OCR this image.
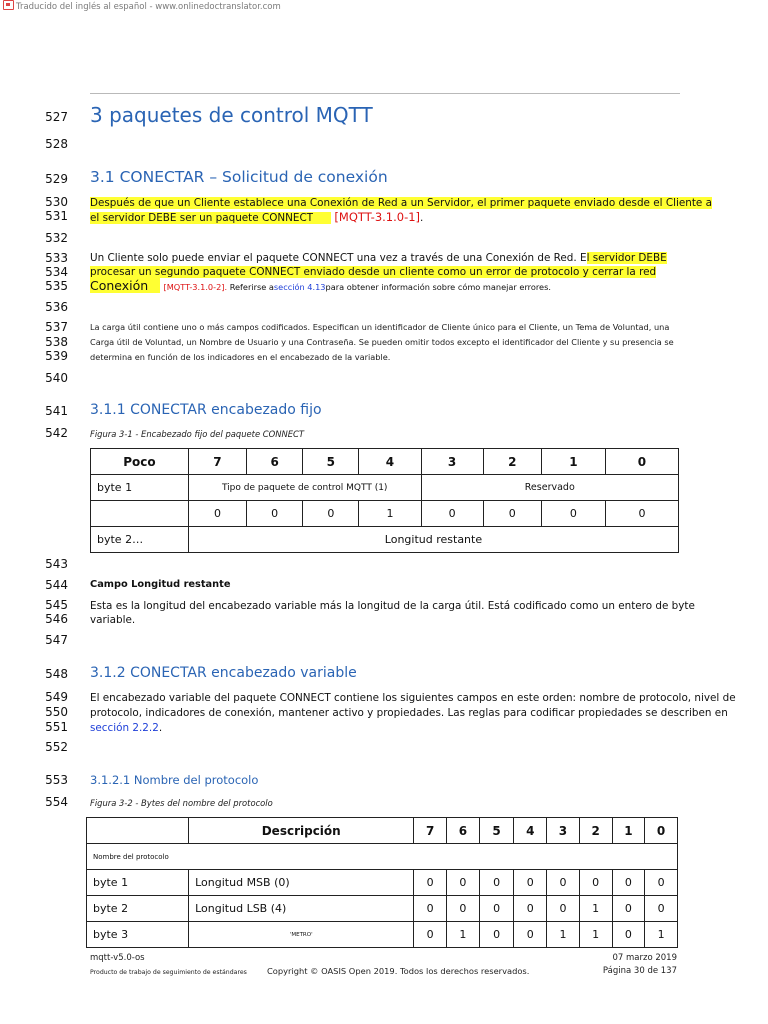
Traducido del inglés al español - www.onlinedoctranslator.com
527
528
529
530
531
532
533
534
535
536
537
538
539
540
541
542
543
544
545
546
547
548
549
550
551
552
553
554
3 paquetes de control MQTT
3.1 CONECTAR – Solicitud de conexión
Después de que un Cliente establece una Conexión de Red a un Servidor, el primer paquete enviado desde el Cliente a
el servidor DEBE ser un paquete CONNECT [MQTT-3.1.0-1].
Un Cliente solo puede enviar el paquete CONNECT una vez a través de una Conexión de Red. El servidor DEBE
procesar un segundo paquete CONNECT enviado desde un cliente como un error de protocolo y cerrar la red
Conexión [MQTT-3.1.0-2]. Referirse asección 4.13para obtener información sobre cómo manejar errores.
La carga útil contiene uno o más campos codificados. Especifican un identificador de Cliente único para el Cliente, un Tema de Voluntad, una
Carga útil de Voluntad, un Nombre de Usuario y una Contraseña. Se pueden omitir todos excepto el identificador del Cliente y su presencia se
determina en función de los indicadores en el encabezado de la variable.
3.1.1 CONECTAR encabezado fijo
Figura 3-1 - Encabezado fijo del paquete CONNECT
Poco	7	6	5	4	3	2	1	0
byte 1	Tipo de paquete de control MQTT (1)				Reservado			
	0	0	0	1	0	0	0	0
byte 2…	Longitud restante							
Campo Longitud restante
Esta es la longitud del encabezado variable más la longitud de la carga útil. Está codificado como un entero de byte
variable.
3.1.2 CONECTAR encabezado variable
El encabezado variable del paquete CONNECT contiene los siguientes campos en este orden: nombre de protocolo, nivel de
protocolo, indicadores de conexión, mantener activo y propiedades. Las reglas para codificar propiedades se describen en
sección 2.2.2.
3.1.2.1 Nombre del protocolo
Figura 3-2 - Bytes del nombre del protocolo
	Descripción	7	6	5	4	3	2	1	0
Nombre del protocolo									
byte 1	Longitud MSB (0)	0	0	0	0	0	0	0	0
byte 2	Longitud LSB (4)	0	0	0	0	0	1	0	0
byte 3	'METRO'	0	1	0	0	1	1	0	1
mqtt-v5.0-os
Producto de trabajo de seguimiento de estándares Copyright © OASIS Open 2019. Todos los derechos reservados.
07 marzo 2019
Página 30 de 137
